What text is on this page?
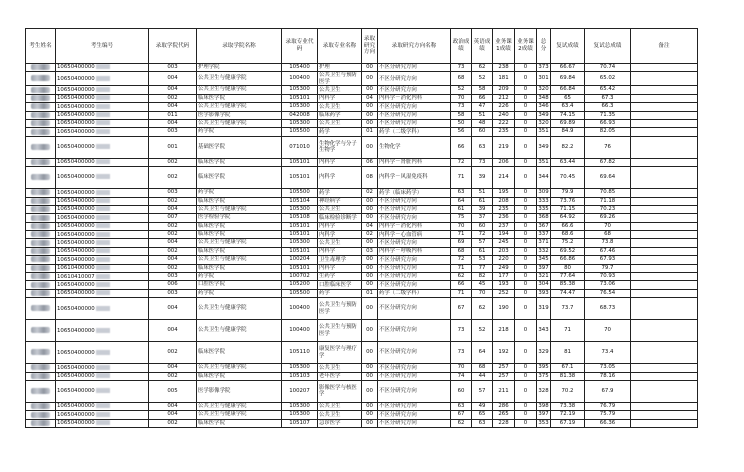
考生姓名	考生编号	录取学院代码	录取学院名称	录取专业代码	录取专业名称	录取研究方向	录取研究方向名称	政治成绩	英语成绩	业务课1成绩	业务课2成绩	总分	复试成绩	复试总成绩	备注
	10650400000	003	护理学院	105400	护理	00	不区分研究方向	73	62	238	0	373	66.67	70.74	
	10650400000	004	公共卫生与健康学院	100400	公共卫生与预防医学	00	不区分研究方向	68	52	181	0	301	69.84	65.02	
	10650400000	004	公共卫生与健康学院	105300	公共卫生	00	不区分研究方向	52	58	209	0	320	66.84	65.42	
	10650400000	002	临床医学院	105101	内科学	04	内科学－消化内科	70	66	212	0	348	65	67.3	
	10650400000	004	公共卫生与健康学院	105300	公共卫生	00	不区分研究方向	73	47	226	0	346	63.4	66.3	
	10650400000	011	医学影像学院	042008	临床药学	00	不区分研究方向	58	51	240	0	349	74.15	71.35	
	10650400000	004	公共卫生与健康学院	105300	公共卫生	00	不区分研究方向	50	48	222	0	320	69.89	66.93	
	10650400000	003	药学院	105500	药学	01	药学（二级学科）	56	60	235	0	351	84.9	82.05	
	10650400000	001	基础医学院	071010	生物化学与分子生物学	00	生物化学	66	63	219	0	349	82.2	76	
	10650400000	002	临床医学院	105101	内科学	06	内科学－肾脏内科	72	73	206	0	351	63.44	67.82	
	10650400000	002	临床医学院	105101	内科学	08	内科学－风湿免疫科	71	39	214	0	344	70.45	69.64	
	10650400000	003	药学院	105500	药学	02	药学（临床药学）	63	51	195	0	309	79.9	70.85	
	10650400000	002	临床医学院	105104	神经病学	00	不区分研究方向	64	61	208	0	333	73.76	71.18	
	10650400000	004	公共卫生与健康学院	105300	公共卫生	00	不区分研究方向	61	39	235	0	335	71.15	70.23	
	10650400000	007	医学检验学院	105108	临床检验诊断学	00	不区分研究方向	75	37	236	0	368	64.92	69.26	
	10650400000	002	临床医学院	105101	内科学	04	内科学－消化内科	70	60	237	0	367	66.6	70	
	10650400000	002	临床医学院	105101	内科学	02	内科学－心血管病	71	72	194	0	337	68.6	68	
	10650400000	004	公共卫生与健康学院	105300	公共卫生	00	不区分研究方向	69	57	245	0	371	75.2	73.8	
	10650400000	002	临床医学院	105101	内科学	03	内科学－呼吸内科	68	61	203	0	332	69.52	67.46	
	10650400000	004	公共卫生与健康学院	100204	卫生毒理学	00	不区分研究方向	72	53	220	0	345	66.86	67.93	
	10610400000	002	临床医学院	105101	内科学	00	不区分研究方向	71	77	249	0	397	80	79.7	
	10610410007	003	药学院	100702	生药学	00	不区分研究方向	62	82	177	0	321	77.64	70.93	
	10650400000	006	口腔医学院	105200	口腔临床医学	00	不区分研究方向	66	45	193	0	304	85.38	73.06	
	10650400000	003	药学院	105500	药学	01	药学（二级学科）	71	70	252	0	393	74.47	76.54	
	10650400000	004	公共卫生与健康学院	100400	公共卫生与预防医学	00	不区分研究方向	67	62	190	0	319	73.7	68.73	
	10650400000	004	公共卫生与健康学院	100400	公共卫生与预防医学	00	不区分研究方向	73	52	218	0	343	71	70	
	10650400000	002	临床医学院	105110	康复医学与理疗学	00	不区分研究方向	73	64	192	0	329	81	73.4	
	10650400000	004	公共卫生与健康学院	105300	公共卫生	00	不区分研究方向	70	68	257	0	395	67.1	73.05	
	10650400000	002	临床医学院	105103	老年医学	00	不区分研究方向	74	44	257	0	375	81.38	78.16	
	10650400000	005	医学影像学院	100207	影像医学与核医学	00	不区分研究方向	60	57	211	0	328	70.2	67.9	
	10650400000	004	公共卫生与健康学院	105300	公共卫生	00	不区分研究方向	63	49	286	0	398	73.38	76.79	
	10650400000	004	公共卫生与健康学院	105300	公共卫生	00	不区分研究方向	67	65	265	0	397	72.19	75.79	
	10650400000	002	临床医学院	105107	急诊医学	00	不区分研究方向	62	63	228	0	353	67.19	66.36	
